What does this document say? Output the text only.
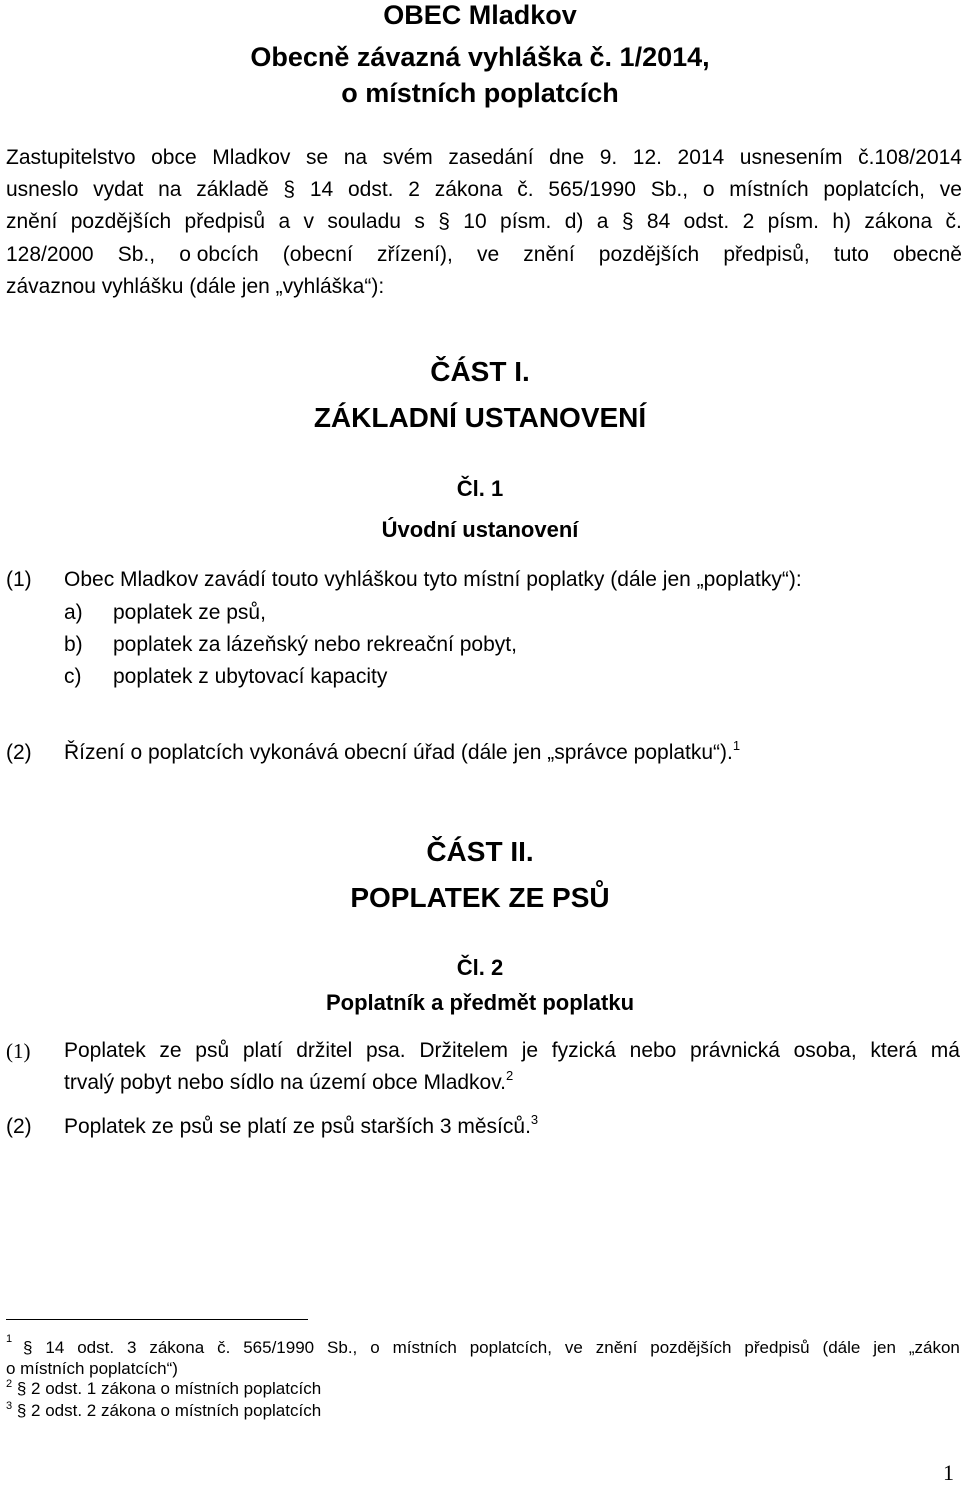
OBEC Mladkov
Obecně závazná vyhláška č. 1/2014,
o místních poplatcích
Zastupitelstvo obce Mladkov se na svém zasedání dne 9. 12. 2014 usnesením č.108/2014
usneslo vydat na základě § 14 odst. 2 zákona č. 565/1990 Sb., o místních poplatcích, ve
znění pozdějších předpisů a v souladu s § 10 písm. d) a § 84 odst. 2 písm. h) zákona č.
128/2000 Sb., o obcích (obecní zřízení), ve znění pozdějších předpisů, tuto obecně
závaznou vyhlášku (dále jen „vyhláška“):
ČÁST I.
ZÁKLADNÍ USTANOVENÍ
Čl. 1
Úvodní ustanovení
(1) Obec Mladkov zavádí touto vyhláškou tyto místní poplatky (dále jen „poplatky“):
a) poplatek ze psů,
b) poplatek za lázeňský nebo rekreační pobyt,
c) poplatek z ubytovací kapacity
(2) Řízení o poplatcích vykonává obecní úřad (dále jen „správce poplatku“).$^1$
ČÁST II.
POPLATEK ZE PSŮ
Čl. 2
Poplatník a předmět poplatku
(1) Poplatek ze psů platí držitel psa. Držitelem je fyzická nebo právnická osoba, která má
trvalý pobyt nebo sídlo na území obce Mladkov.$^2$
(2) Poplatek ze psů se platí ze psů starších 3 měsíců.$^3$
$^1$ § 14 odst. 3 zákona č. 565/1990 Sb., o místních poplatcích, ve znění pozdějších předpisů (dále jen „zákon
o místních poplatcích“)
$^2$ § 2 odst. 1 zákona o místních poplatcích
$^3$ § 2 odst. 2 zákona o místních poplatcích
1
